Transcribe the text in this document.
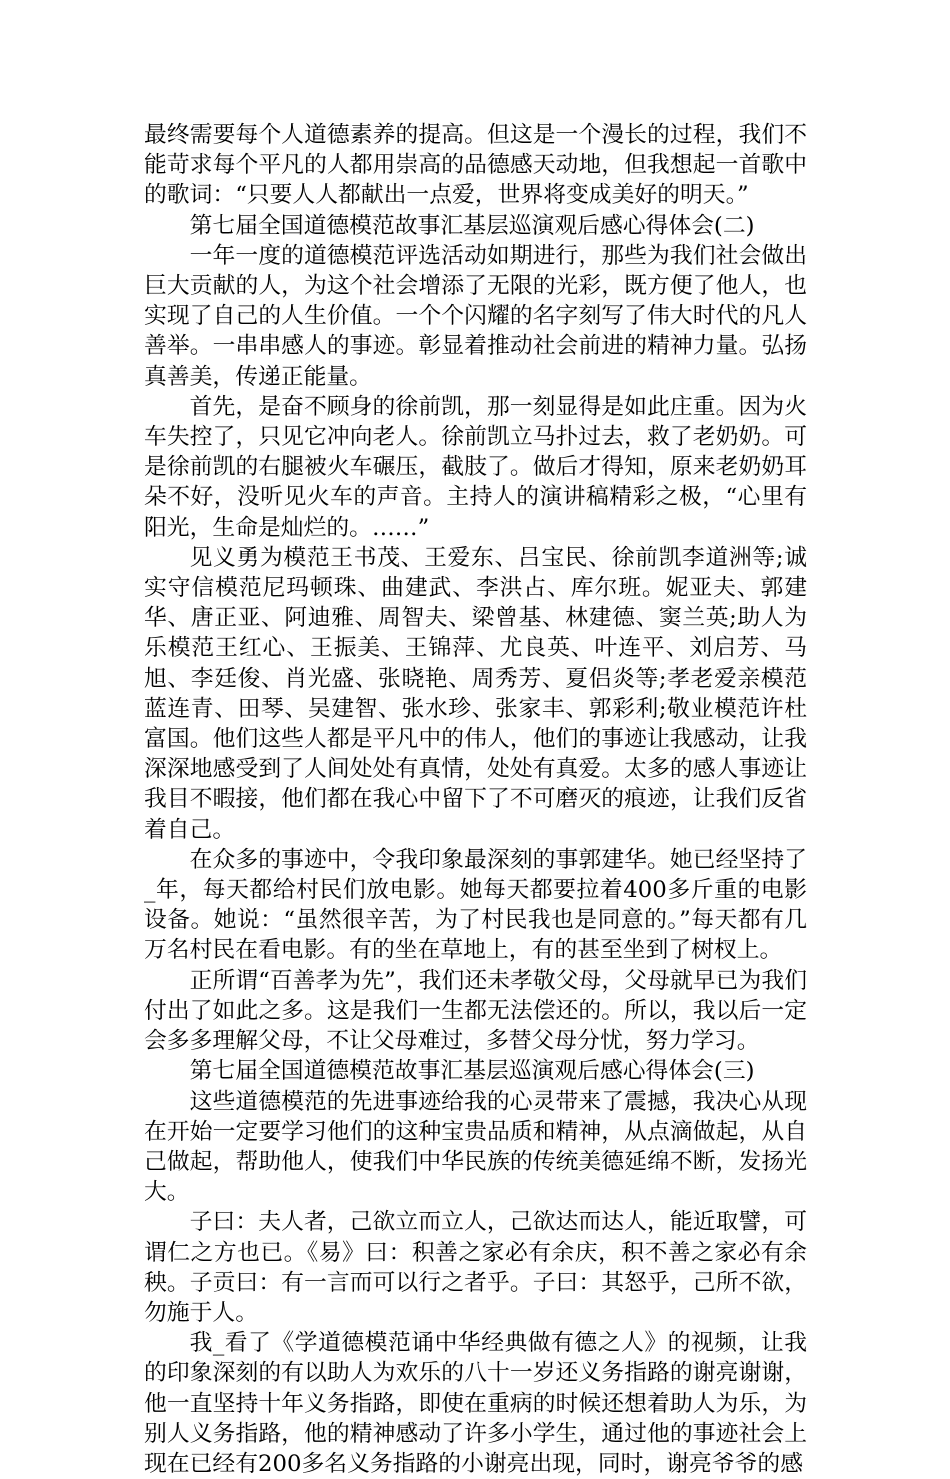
最终需要每个人道德素养的提高。但这是一个漫长的过程，我们不能苛求每个平凡的人都用崇高的品德感天动地，但我想起一首歌中的歌词：“只要人人都献出一点爱，世界将变成美好的明天。”

第七届全国道德模范故事汇基层巡演观后感心得体会(二)

一年一度的道德模范评选活动如期进行，那些为我们社会做出巨大贡献的人，为这个社会增添了无限的光彩，既方便了他人，也实现了自己的人生价值。一个个闪耀的名字刻写了伟大时代的凡人善举。一串串感人的事迹。彰显着推动社会前进的精神力量。弘扬真善美，传递正能量。

首先，是奋不顾身的徐前凯，那一刻显得是如此庄重。因为火车失控了，只见它冲向老人。徐前凯立马扑过去，救了老奶奶。可是徐前凯的右腿被火车碾压，截肢了。做后才得知，原来老奶奶耳朵不好，没听见火车的声音。主持人的演讲稿精彩之极，“心里有阳光，生命是灿烂的。……”

见义勇为模范王书茂、王爱东、吕宝民、徐前凯李道洲等;诚实守信模范尼玛顿珠、曲建武、李洪占、库尔班。妮亚夫、郭建华、唐正亚、阿迪雅、周智夫、梁曾基、林建德、窦兰英;助人为乐模范王红心、王振美、王锦萍、尤良英、叶连平、刘启芳、马旭、李廷俊、肖光盛、张晓艳、周秀芳、夏侣炎等;孝老爱亲模范蓝连青、田琴、吴建智、张水珍、张家丰、郭彩利;敬业模范许杜富国。他们这些人都是平凡中的伟人，他们的事迹让我感动，让我深深地感受到了人间处处有真情，处处有真爱。太多的感人事迹让我目不暇接，他们都在我心中留下了不可磨灭的痕迹，让我们反省着自己。

在众多的事迹中，令我印象最深刻的事郭建华。她已经坚持了_年，每天都给村民们放电影。她每天都要拉着400多斤重的电影设备。她说：“虽然很辛苦，为了村民我也是同意的。”每天都有几万名村民在看电影。有的坐在草地上，有的甚至坐到了树杈上。

正所谓“百善孝为先”，我们还未孝敬父母，父母就早已为我们付出了如此之多。这是我们一生都无法偿还的。所以，我以后一定会多多理解父母，不让父母难过，多替父母分忧，努力学习。

第七届全国道德模范故事汇基层巡演观后感心得体会(三)

这些道德模范的先进事迹给我的心灵带来了震撼，我决心从现在开始一定要学习他们的这种宝贵品质和精神，从点滴做起，从自己做起，帮助他人，使我们中华民族的传统美德延绵不断，发扬光大。

子曰：夫人者，己欲立而立人，己欲达而达人，能近取譬，可谓仁之方也已。《易》曰：积善之家必有余庆，积不善之家必有余秧。子贡曰：有一言而可以行之者乎。子曰：其怒乎，己所不欲，勿施于人。

我_看了《学道德模范诵中华经典做有德之人》的视频，让我的印象深刻的有以助人为欢乐的八十一岁还义务指路的谢亮谢谢，他一直坚持十年义务指路，即使在重病的时候还想着助人为乐，为别人义务指路，他的精神感动了许多小学生，通过他的事迹社会上现在已经有200多名义务指路的小谢亮出现，同时，谢亮爷爷的感
